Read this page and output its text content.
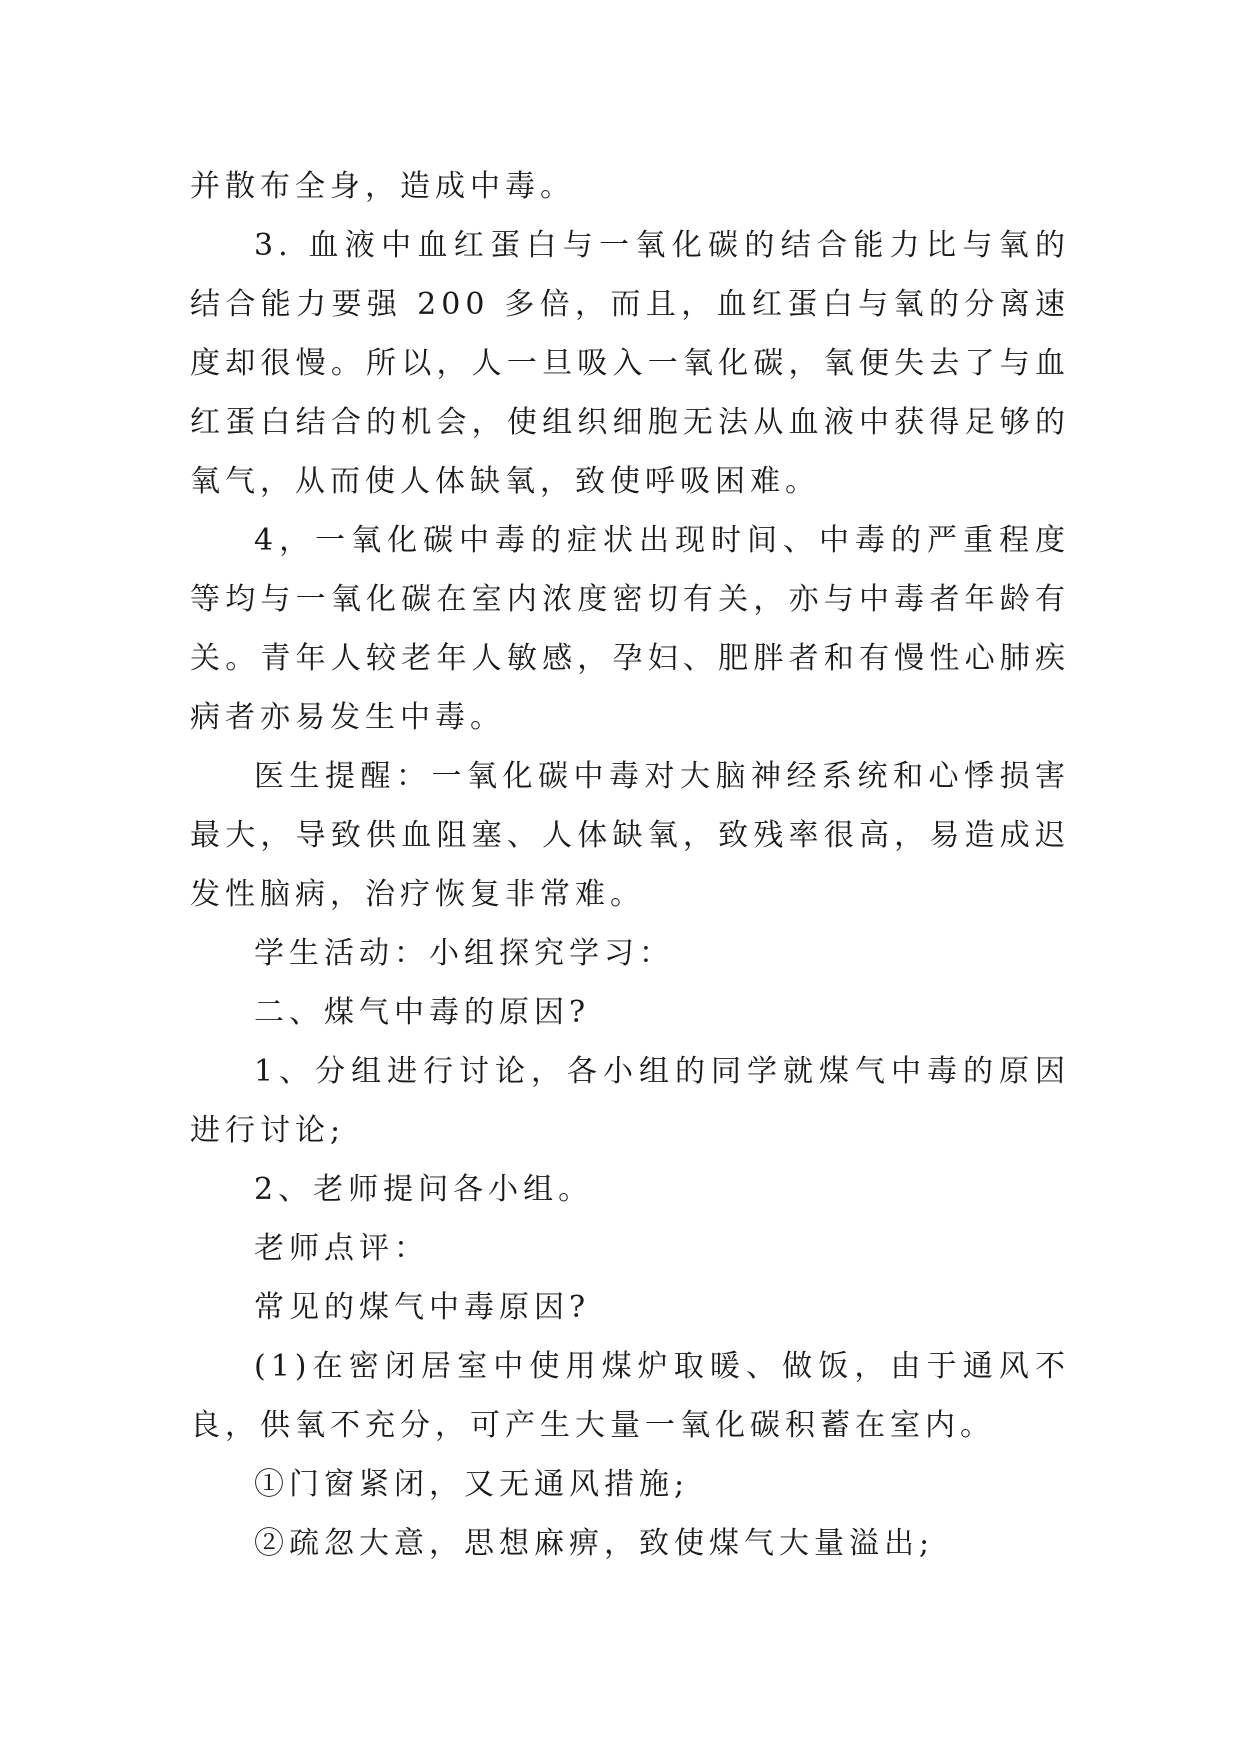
并散布全身，造成中毒。

3. 血液中血红蛋白与一氧化碳的结合能力比与氧的结合能力要强 200 多倍，而且，血红蛋白与氧的分离速度却很慢。所以，人一旦吸入一氧化碳，氧便失去了与血红蛋白结合的机会，使组织细胞无法从血液中获得足够的氧气，从而使人体缺氧，致使呼吸困难。

4，一氧化碳中毒的症状出现时间、中毒的严重程度等均与一氧化碳在室内浓度密切有关，亦与中毒者年龄有关。青年人较老年人敏感，孕妇、肥胖者和有慢性心肺疾病者亦易发生中毒。

医生提醒：一氧化碳中毒对大脑神经系统和心悸损害最大，导致供血阻塞、人体缺氧，致残率很高，易造成迟发性脑病，治疗恢复非常难。

学生活动：小组探究学习：

二、煤气中毒的原因?

1、分组进行讨论，各小组的同学就煤气中毒的原因进行讨论;

2、老师提问各小组。

老师点评：

常见的煤气中毒原因?

(1)在密闭居室中使用煤炉取暖、做饭，由于通风不良，供氧不充分，可产生大量一氧化碳积蓄在室内。

①门窗紧闭，又无通风措施;

②疏忽大意，思想麻痹，致使煤气大量溢出;
